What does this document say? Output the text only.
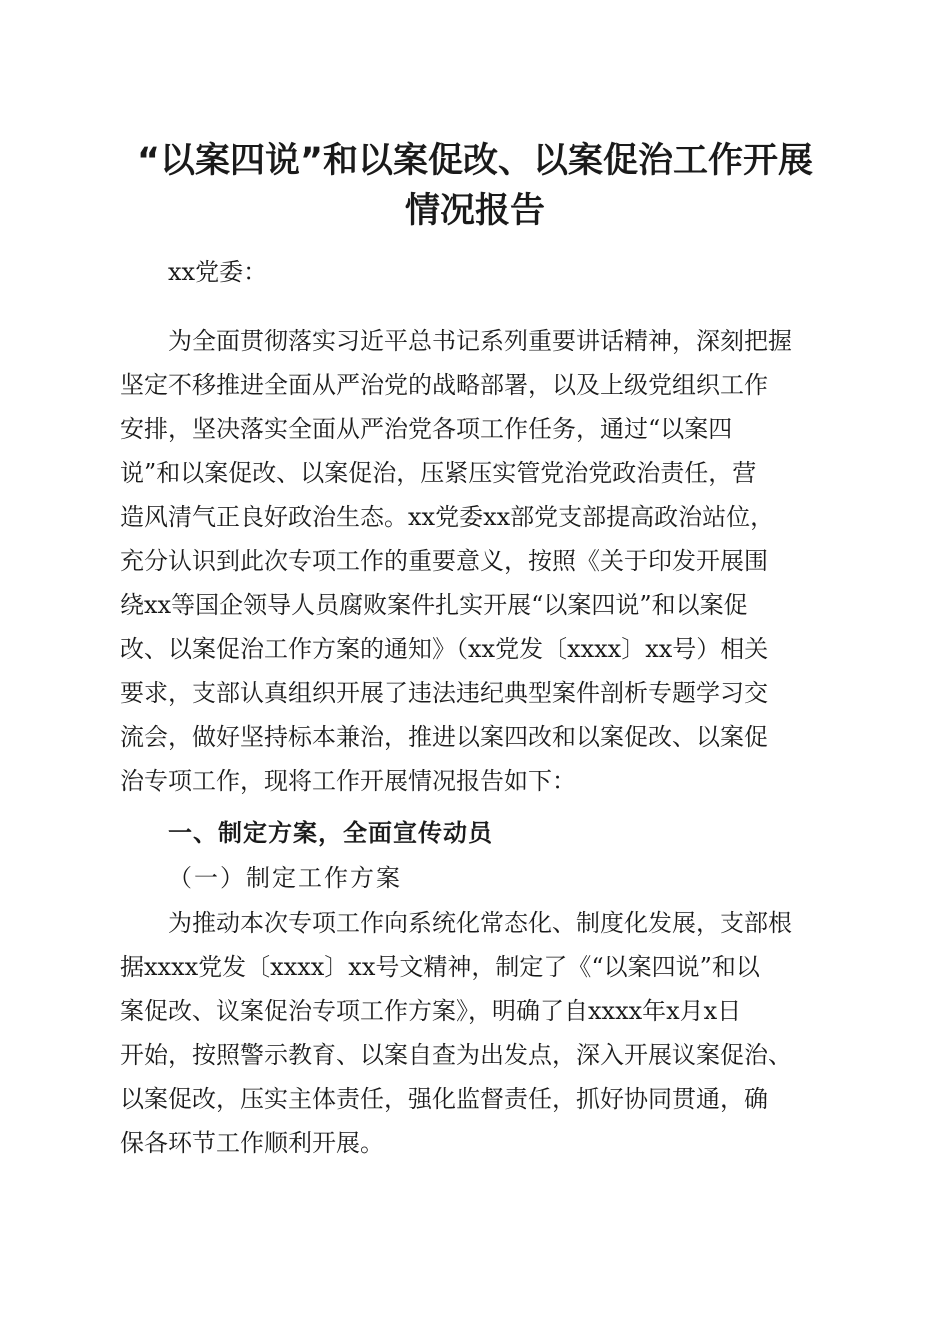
“以案四说”和以案促改、以案促治工作开展
情况报告

xx党委：

为全面贯彻落实习近平总书记系列重要讲话精神，深刻把握

坚定不移推进全面从严治党的战略部署，以及上级党组织工作

安排，坚决落实全面从严治党各项工作任务，通过“以案四

说”和以案促改、以案促治，压紧压实管党治党政治责任，营

造风清气正良好政治生态。xx党委xx部党支部提高政治站位，

充分认识到此次专项工作的重要意义，按照《关于印发开展围

绕xx等国企领导人员腐败案件扎实开展“以案四说”和以案促

改、以案促治工作方案的通知》（xx党发〔xxxx〕xx号）相关

要求，支部认真组织开展了违法违纪典型案件剖析专题学习交

流会，做好坚持标本兼治，推进以案四改和以案促改、以案促

治专项工作，现将工作开展情况报告如下：

一、制定方案，全面宣传动员

（一）制定工作方案

为推动本次专项工作向系统化常态化、制度化发展，支部根

据xxxx党发〔xxxx〕xx号文精神，制定了《“以案四说”和以

案促改、议案促治专项工作方案》，明确了自xxxx年x月x日

开始，按照警示教育、以案自查为出发点，深入开展议案促治、

以案促改，压实主体责任，强化监督责任，抓好协同贯通，确

保各环节工作顺利开展。
